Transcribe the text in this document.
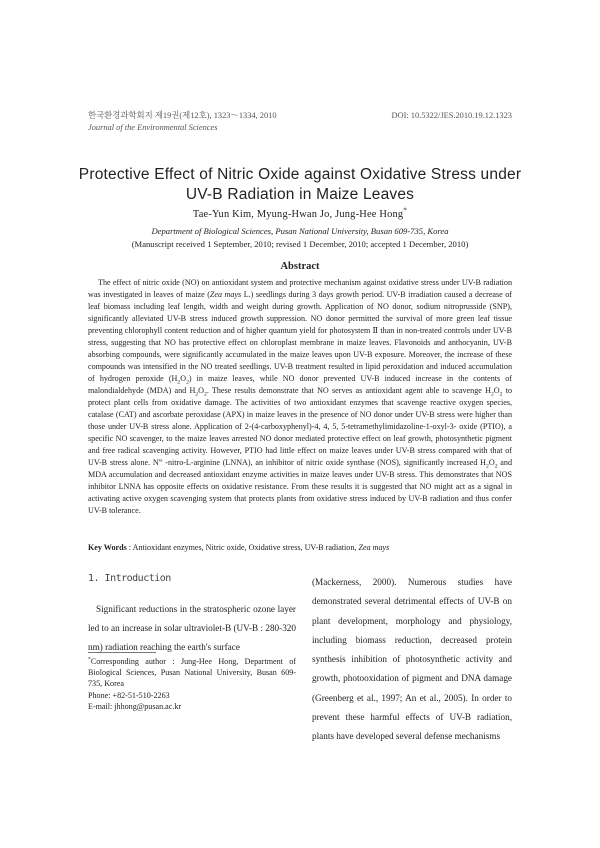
한국환경과학회지 제19권(제12호), 1323～1334, 2010
Journal of the Environmental Sciences
DOI: 10.5322/JES.2010.19.12.1323
Protective Effect of Nitric Oxide against Oxidative Stress under
UV-B Radiation in Maize Leaves
Tae-Yun Kim, Myung-Hwan Jo, Jung-Hee Hong*
Department of Biological Sciences, Pusan National University, Busan 609-735, Korea
(Manuscript received 1 September, 2010; revised 1 December, 2010; accepted 1 December, 2010)
Abstract
The effect of nitric oxide (NO) on antioxidant system and protective mechanism against oxidative stress under UV-B radiation was investigated in leaves of maize (Zea mays L.) seedlings during 3 days growth period. UV-B irradiation caused a decrease of leaf biomass including leaf length, width and weight during growth. Application of NO donor, sodium nitroprusside (SNP), significantly alleviated UV-B stress induced growth suppression. NO donor permitted the survival of more green leaf tissue preventing chlorophyll content reduction and of higher quantum yield for photosystem Ⅱ than in non-treated controls under UV-B stress, suggesting that NO has protective effect on chloroplast membrane in maize leaves. Flavonoids and anthocyanin, UV-B absorbing compounds, were significantly accumulated in the maize leaves upon UV-B exposure. Moreover, the increase of these compounds was intensified in the NO treated seedlings. UV-B treatment resulted in lipid peroxidation and induced accumulation of hydrogen peroxide $(H_2O_2)$ in maize leaves, while NO donor prevented UV-B induced increase in the contents of malondialdehyde (MDA) and $H_2O_2$. These results demonstrate that NO serves as antioxidant agent able to scavenge $H_2O_2$ to protect plant cells from oxidative damage. The activities of two antioxidant enzymes that scavenge reactive oxygen species, catalase (CAT) and ascorbate peroxidase (APX) in maize leaves in the presence of NO donor under UV-B stress were higher than those under UV-B stress alone. Application of 2-(4-carboxyphenyl)-4, 4, 5, 5-tetramethylimidazoline-1-oxyl-3- oxide (PTIO), a specific NO scavenger, to the maize leaves arrested NO donor mediated protective effect on leaf growth, photosynthetic pigment and free radical scavenging activity. However, PTIO had little effect on maize leaves under UV-B stress compared with that of UV-B stress alone. $N^\omega$ -nitro-L-arginine (LNNA), an inhibitor of nitric oxide synthase (NOS), significantly increased $H_2O_2$ and MDA accumulation and decreased antioxidant enzyme activities in maize leaves under UV-B stress. This demonstrates that NOS inhibitor LNNA has opposite effects on oxidative resistance. From these results it is suggested that NO might act as a signal in activating active oxygen scavenging system that protects plants from oxidative stress induced by UV-B radiation and thus confer UV-B tolerance.
Key Words : Antioxidant enzymes, Nitric oxide, Oxidative stress, UV-B radiation, Zea mays
1. Introduction
Significant reductions in the stratospheric ozone layer led to an increase in solar ultraviolet-B (UV-B : 280-320 nm) radiation reaching the earth's surface
(Mackerness, 2000). Numerous studies have demonstrated several detrimental effects of UV-B on plant development, morphology and physiology, including biomass reduction, decreased protein synthesis inhibition of photosynthetic activity and growth, photooxidation of pigment and DNA damage (Greenberg et al., 1997; An et al., 2005). In order to prevent these harmful effects of UV-B radiation, plants have developed several defense mechanisms
*Corresponding author : Jung-Hee Hong, Department of Biological Sciences, Pusan National University, Busan 609-735, Korea
Phone: +82-51-510-2263
E-mail: jhhong@pusan.ac.kr
